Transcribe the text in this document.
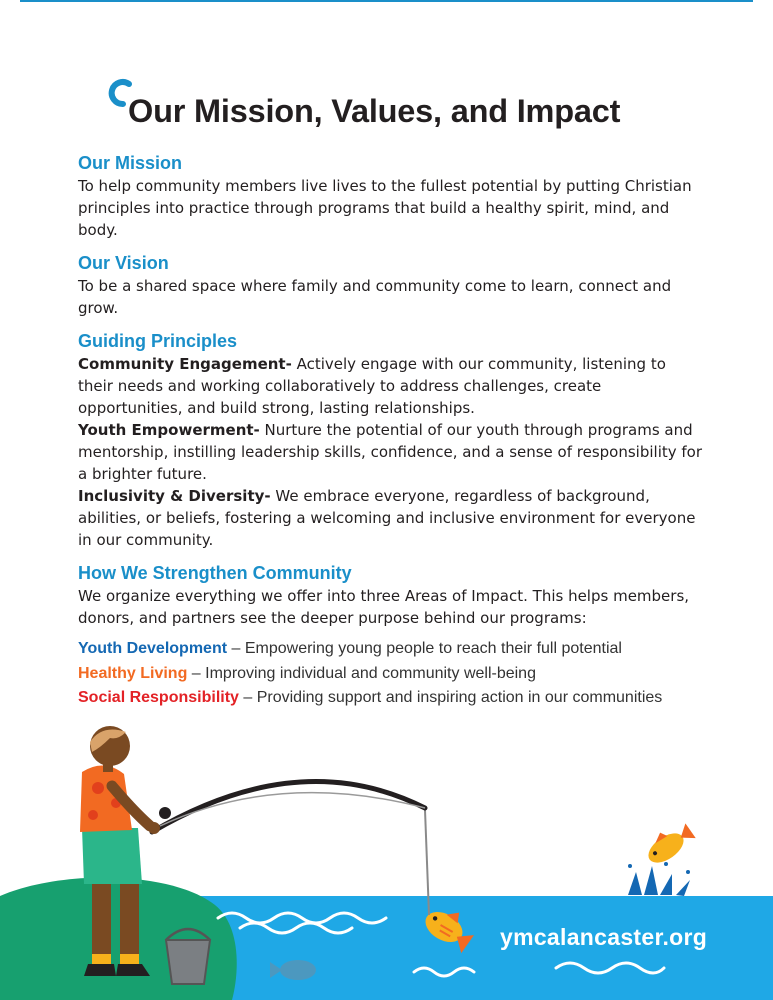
Our Mission, Values, and Impact
Our Mission

To help community members live lives to the fullest potential by putting Christian principles into practice through programs that build a healthy spirit, mind, and body.

Our Vision

To be a shared space where family and community come to learn, connect and grow.

Guiding Principles

Community Engagement- Actively engage with our community, listening to their needs and working collaboratively to address challenges, create opportunities, and build strong, lasting relationships.

Youth Empowerment- Nurture the potential of our youth through programs and mentorship, instilling leadership skills, confidence, and a sense of responsibility for a brighter future.

Inclusivity & Diversity- We embrace everyone, regardless of background, abilities, or beliefs, fostering a welcoming and inclusive environment for everyone in our community.

How We Strengthen Community

We organize everything we offer into three Areas of Impact. This helps members, donors, and partners see the deeper purpose behind our programs:

Youth Development – Empowering young people to reach their full potential
Healthy Living – Improving individual and community well-being
Social Responsibility – Providing support and inspiring action in our communities

ymcalancaster.org
